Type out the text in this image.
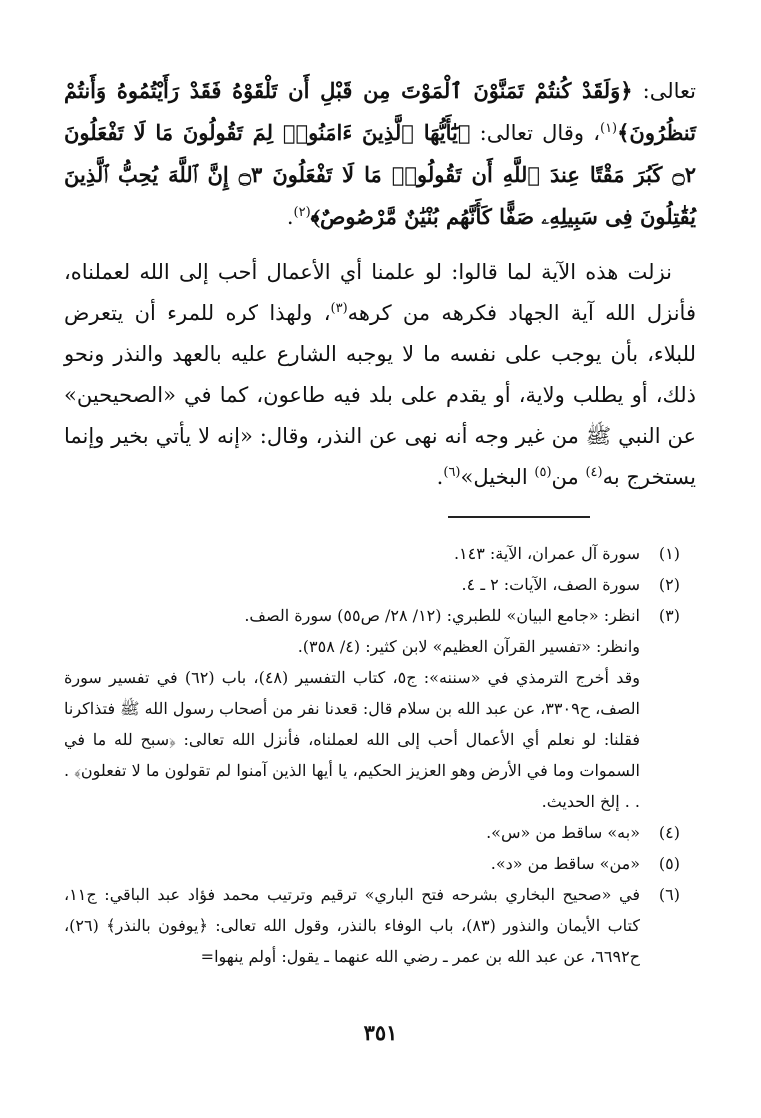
تعالى: ﴿وَلَقَدْ كُنتُمْ تَمَنَّوْنَ ٱلْمَوْتَ مِن قَبْلِ أَن تَلْقَوْهُ فَقَدْ رَأَيْتُمُوهُ وَأَنتُمْ تَنظُرُونَ﴾$^{(١)}$، وقال تعالى: ﴿يَٰٓأَيُّهَا ٱلَّذِينَ ءَامَنُوا۟ لِمَ تَقُولُونَ مَا لَا تَفْعَلُونَ ۝٢ كَبُرَ مَقْتًا عِندَ ٱللَّهِ أَن تَقُولُوا۟ مَا لَا تَفْعَلُونَ ۝٣ إِنَّ ٱللَّهَ يُحِبُّ ٱلَّذِينَ يُقَٰتِلُونَ فِى سَبِيلِهِۦ صَفًّا كَأَنَّهُم بُنْيَٰنٌ مَّرْصُوصٌ﴾$^{(٢)}$.

نزلت هذه الآية لما قالوا: لو علمنا أي الأعمال أحب إلى الله لعملناه، فأنزل الله آية الجهاد فكرهه من كرهه$^{(٣)}$، ولهذا كره للمرء أن يتعرض للبلاء، بأن يوجب على نفسه ما لا يوجبه الشارع عليه بالعهد والنذر ونحو ذلك، أو يطلب ولاية، أو يقدم على بلد فيه طاعون، كما في «الصحيحين» عن النبي ﷺ من غير وجه أنه نهى عن النذر، وقال: «إنه لا يأتي بخير وإنما يستخرج به$^{(٤)}$ من$^{(٥)}$ البخيل»$^{(٦)}$.

(١)

سورة آل عمران، الآية: ١٤٣.

(٢)

سورة الصف، الآيات: ٢ ـ ٤.

(٣)

انظر: «جامع البيان» للطبري: (١٢/ ٢٨/ ص٥٥) سورة الصف.

وانظر: «تفسير القرآن العظيم» لابن كثير: (٤/ ٣٥٨).

وقد أخرج الترمذي في «سننه»: ج٥، كتاب التفسير (٤٨)، باب (٦٢) في تفسير سورة الصف، ح٣٣٠٩، عن عبد الله بن سلام قال: قعدنا نفر من أصحاب رسول الله ﷺ فتذاكرنا فقلنا: لو نعلم أي الأعمال أحب إلى الله لعملناه، فأنزل الله تعالى: ﴿سبح لله ما في السموات وما في الأرض وهو العزيز الحكيم، يا أيها الذين آمنوا لم تقولون ما لا تفعلون﴾ . . . إلخ الحديث.

(٤)

«به» ساقط من «س».

(٥)

«من» ساقط من «د».

(٦)

في «صحيح البخاري بشرحه فتح الباري» ترقيم وترتيب محمد فؤاد عبد الباقي: ج١١، كتاب الأيمان والنذور (٨٣)، باب الوفاء بالنذر، وقول الله تعالى: ﴿يوفون بالنذر﴾ (٢٦)، ح٦٦٩٢، عن عبد الله بن عمر ـ رضي الله عنهما ـ يقول: أولم ينهوا=

٣٥١
